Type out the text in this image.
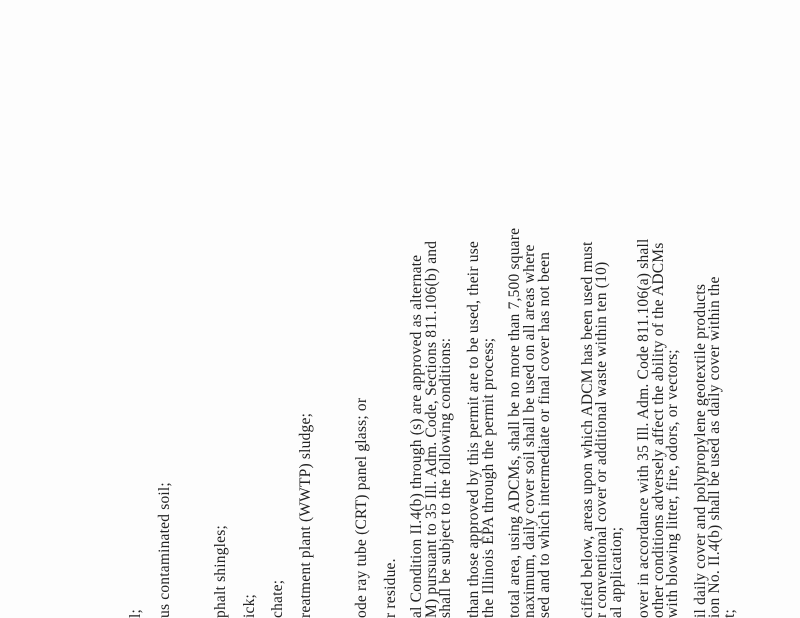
l; us contaminated soil;	phalt shingles; ick; chate; reatment plant (WWTP) sludge;	ode ray tube (CRT) panel glass; or r residue. al Condition II.4(b) through (s) are approved as alternate
M) pursuant to 35 Ill. Adm. Code, Sections 811.106(b) and
shall be subject to the following conditions: than those approved by this permit are to be used, their use
the Illinois EPA through the permit process; total area, using ADCMs, shall be no more than 7,500 square
naximum, daily cover soil shall be used on all areas where
sed and to which intermediate or final cover has not been cified below, areas upon which ADCM has been used must
r conventional cover or additional waste within ten (10)
al application; over in accordance with 35 Ill. Adm. Code 811.106(a) shall
other conditions adversely affect the ability of the ADCMs
with blowing litter, fire, odors, or vectors; il daily cover and polypropylene geotextile products
ion No. II.4(b) shall be used as daily cover within the
t;
